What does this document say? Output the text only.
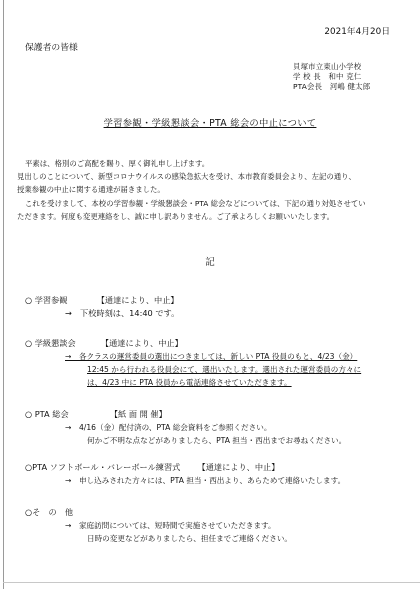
2021年4月20日
保護者の皆様
貝塚市立東山小学校
学 校 長　和中 克仁
PTA会長　河嶋 健太郎
学習参観・学級懇談会・PTA 総会の中止について
平素は、格別のご高配を賜り、厚く御礼申し上げます。
見出しのことについて、新型コロナウイルスの感染急拡大を受け、本市教育委員会より、左記の通り、
授業参観の中止に関する通達が届きました。
これを受けまして、本校の学習参観・学級懇談会・PTA 総会などについては、下記の通り対処させてい
ただきます。何度も変更連絡をし、誠に申し訳ありません。ご了承よろしくお願いいたします。
記
○ 学習参観	【通達により、中止】
→　下校時刻は、14:40 です。
○ 学級懇談会	【通達により、中止】
→　各クラスの運営委員の選出につきましては、新しい PTA 役員のもと、4/23（金）
12:45 から行われる役員会にて、選出いたします。選出された運営委員の方々に
は、4/23 中に PTA 役員から電話連絡させていただきます。
○ PTA 総会	【紙 面 開 催】
→　4/16（金）配付済の、PTA 総会資料をご参照ください。
何かご不明な点などがありましたら、PTA 担当・西出までお尋ねください。
○PTA ソフトボール・バレーボール練習式 【通達により、中止】
→　申し込みされた方々には、PTA 担当・西出より、あらためて連絡いたします。
○そ　の　他
→　家庭訪問については、短時間で実施させていただきます。
日時の変更などがありましたら、担任までご連絡ください。
